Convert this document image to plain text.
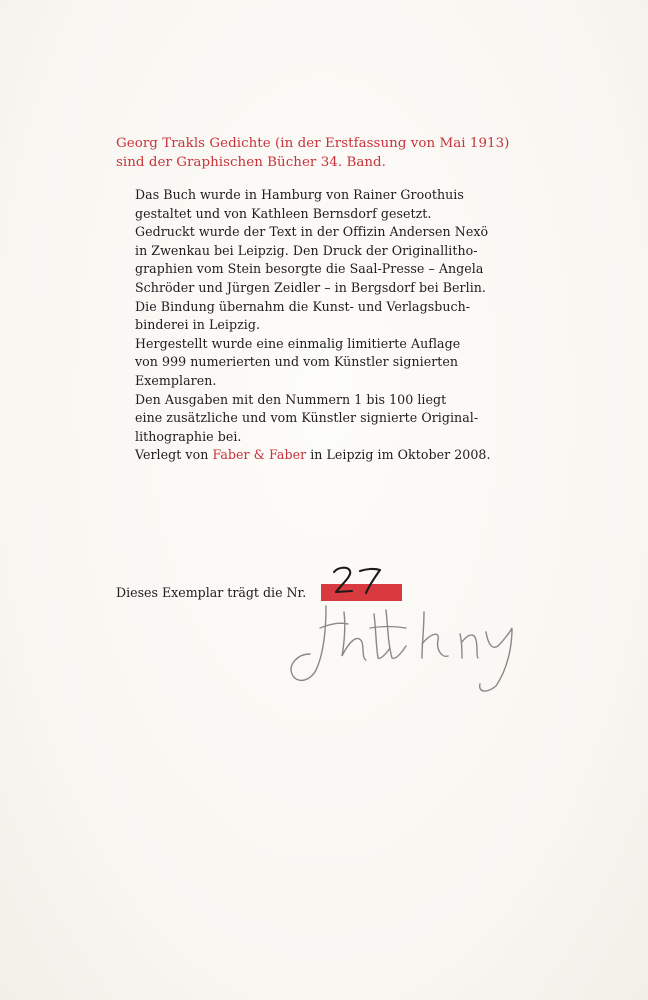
Georg Trakls Gedichte (in der Erstfassung von Mai 1913)
sind der Graphischen Bücher 34. Band.
Das Buch wurde in Hamburg von Rainer Groothuis
gestaltet und von Kathleen Bernsdorf gesetzt.
Gedruckt wurde der Text in der Offizin Andersen Nexö
in Zwenkau bei Leipzig. Den Druck der Originallitho-
graphien vom Stein besorgte die Saal-Presse – Angela
Schröder und Jürgen Zeidler – in Bergsdorf bei Berlin.
Die Bindung übernahm die Kunst- und Verlagsbuch-
binderei in Leipzig.
Hergestellt wurde eine einmalig limitierte Auflage
von 999 numerierten und vom Künstler signierten
Exemplaren.
Den Ausgaben mit den Nummern 1 bis 100 liegt
eine zusätzliche und vom Künstler signierte Original-
lithographie bei.
Verlegt von Faber & Faber in Leipzig im Oktober 2008.
Dieses Exemplar trägt die Nr.
